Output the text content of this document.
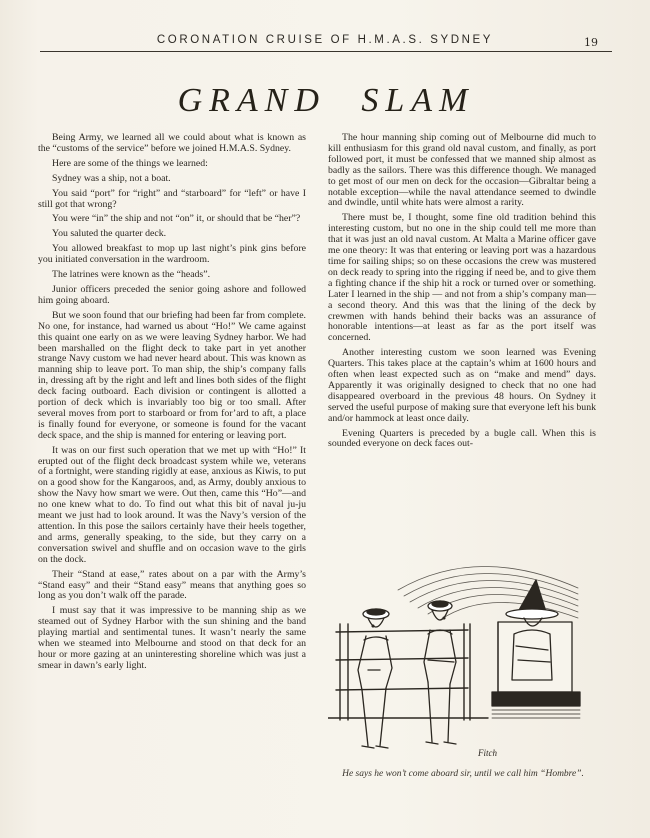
CORONATION CRUISE OF H.M.A.S. SYDNEY	19
GRAND SLAM

Being Army, we learned all we could about what is known as the “customs of the service” before we joined H.M.A.S. Sydney.

Here are some of the things we learned:

Sydney was a ship, not a boat.

You said “port” for “right” and “starboard” for “left” or have I still got that wrong?

You were “in” the ship and not “on” it, or should that be “her”?

You saluted the quarter deck.

You allowed breakfast to mop up last night’s pink gins before you initiated conversation in the wardroom.

The latrines were known as the “heads”.

Junior officers preceded the senior going ashore and followed him going aboard.

But we soon found that our briefing had been far from complete. No one, for instance, had warned us about “Ho!” We came against this quaint one early on as we were leaving Sydney harbor. We had been marshalled on the flight deck to take part in yet another strange Navy custom we had never heard about. This was known as manning ship to leave port. To man ship, the ship’s company falls in, dressing aft by the right and left and lines both sides of the flight deck facing outboard. Each division or contingent is allotted a portion of deck which is invariably too big or too small. After several moves from port to starboard or from for’ard to aft, a place is finally found for everyone, or someone is found for the vacant deck space, and the ship is manned for entering or leaving port.

It was on our first such operation that we met up with “Ho!” It erupted out of the flight deck broadcast system while we, veterans of a fortnight, were standing rigidly at ease, anxious as Kiwis, to put on a good show for the Kangaroos, and, as Army, doubly anxious to show the Navy how smart we were. Out then, came this “Ho”—and no one knew what to do. To find out what this bit of naval ju-ju meant we just had to look around. It was the Navy’s version of the attention. In this pose the sailors certainly have their heels together, and arms, generally speaking, to the side, but they carry on a conversation swivel and shuffle and on occasion wave to the girls on the dock.

Their “Stand at ease,” rates about on a par with the Army’s “Stand easy” and their “Stand easy” means that anything goes so long as you don’t walk off the parade.

I must say that it was impressive to be manning ship as we steamed out of Sydney Harbor with the sun shining and the band playing martial and sentimental tunes. It wasn’t nearly the same when we steamed into Melbourne and stood on that deck for an hour or more gazing at an uninteresting shoreline which was just a smear in dawn’s early light.

The hour manning ship coming out of Melbourne did much to kill enthusiasm for this grand old naval custom, and finally, as port followed port, it must be confessed that we manned ship almost as badly as the sailors. There was this difference though. We managed to get most of our men on deck for the occasion—Gibraltar being a notable exception—while the naval attendance seemed to dwindle and dwindle, until white hats were almost a rarity.

There must be, I thought, some fine old tradition behind this interesting custom, but no one in the ship could tell me more than that it was just an old naval custom. At Malta a Marine officer gave me one theory: It was that entering or leaving port was a hazardous time for sailing ships; so on these occasions the crew was mustered on deck ready to spring into the rigging if need be, and to give them a fighting chance if the ship hit a rock or turned over or something. Later I learned in the ship — and not from a ship’s company man—a second theory. And this was that the lining of the deck by crewmen with hands behind their backs was an assurance of honorable intentions—at least as far as the port itself was concerned.

Another interesting custom we soon learned was Evening Quarters. This takes place at the captain’s whim at 1600 hours and often when least expected such as on “make and mend” days. Apparently it was originally designed to check that no one had disappeared overboard in the previous 48 hours. On Sydney it served the useful purpose of making sure that everyone left his bunk and/or hammock at least once daily.

Evening Quarters is preceded by a bugle call. When this is sounded everyone on deck faces out-

Fitch
He says he won’t come aboard sir, until we call him “Hombre”.
